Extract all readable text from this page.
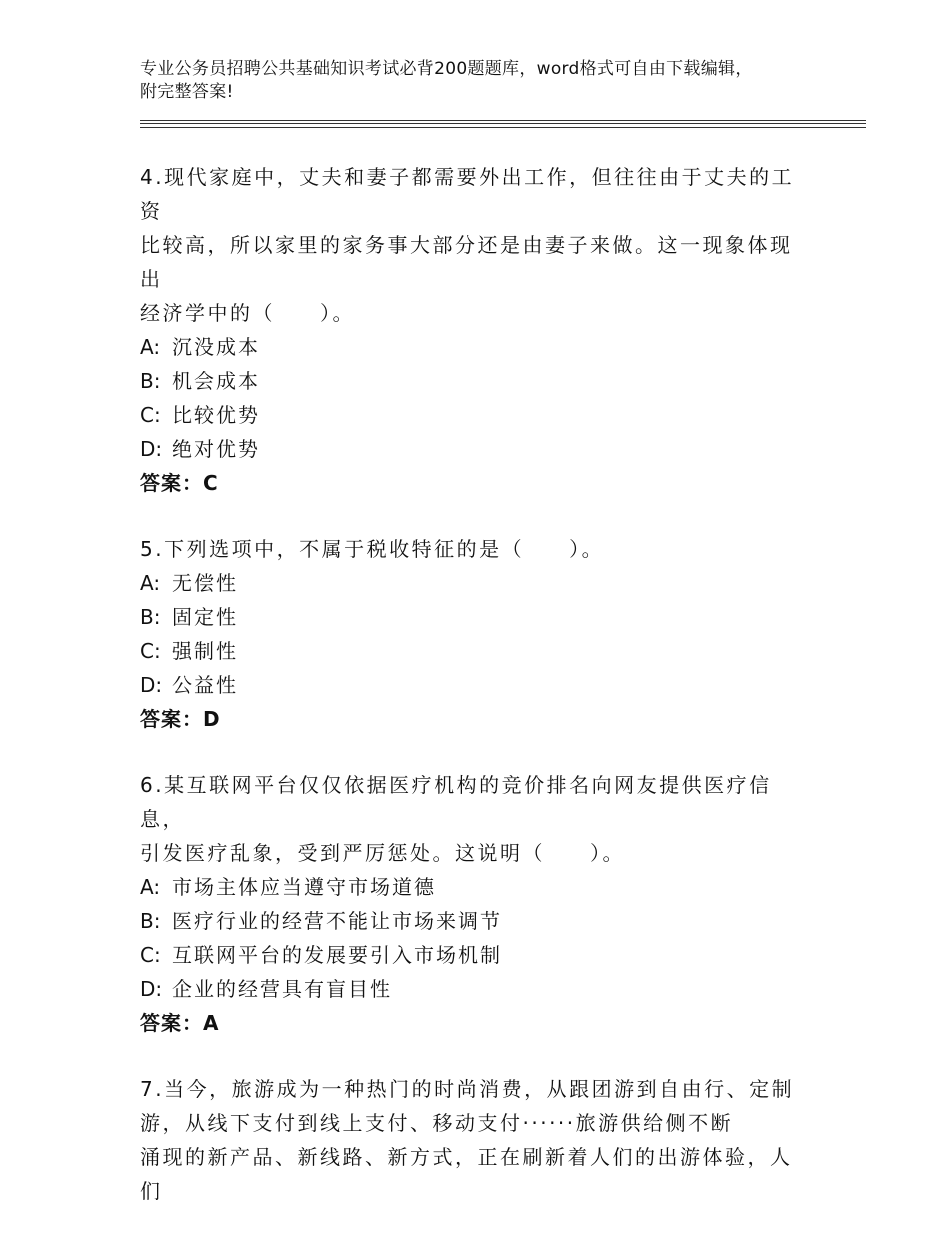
专业公务员招聘公共基础知识考试必背200题题库，word格式可自由下载编辑，
附完整答案!
4.现代家庭中，丈夫和妻子都需要外出工作，但往往由于丈夫的工资
比较高，所以家里的家务事大部分还是由妻子来做。这一现象体现出
经济学中的（　　）。
A: 沉没成本
B: 机会成本
C: 比较优势
D: 绝对优势
答案：C
5.下列选项中，不属于税收特征的是（　　）。
A: 无偿性
B: 固定性
C: 强制性
D: 公益性
答案：D
6.某互联网平台仅仅依据医疗机构的竞价排名向网友提供医疗信息，
引发医疗乱象，受到严厉惩处。这说明（　　）。
A: 市场主体应当遵守市场道德
B: 医疗行业的经营不能让市场来调节
C: 互联网平台的发展要引入市场机制
D: 企业的经营具有盲目性
答案：A
7.当今，旅游成为一种热门的时尚消费，从跟团游到自由行、定制
游，从线下支付到线上支付、移动支付······旅游供给侧不断
涌现的新产品、新线路、新方式，正在刷新着人们的出游体验，人们
